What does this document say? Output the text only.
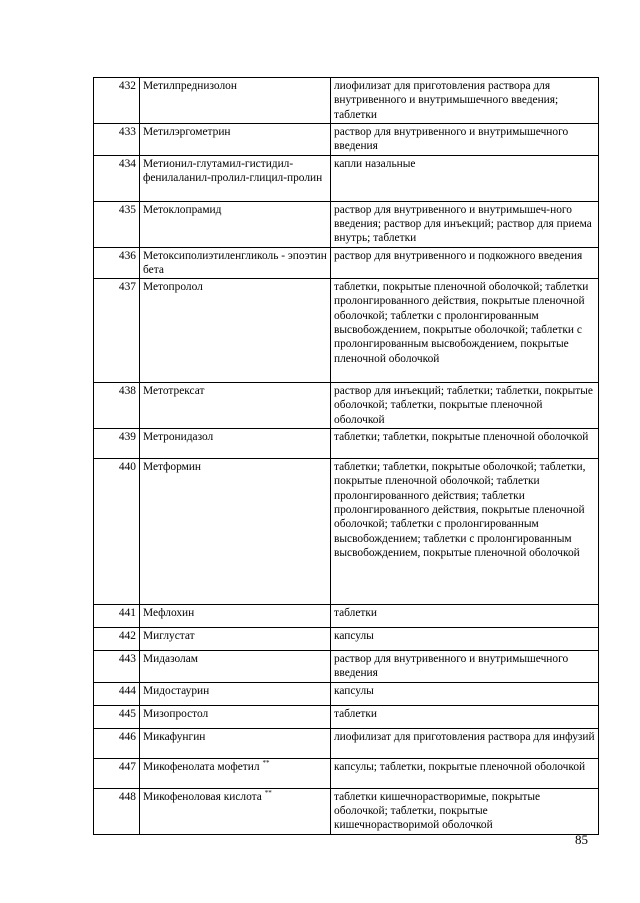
432	Метилпреднизолон	лиофилизат для приготовления раствора для внутривенного и внутримышечного введения; таблетки
433	Метилэргометрин	раствор для внутривенного и внутримышечного введения
434	Метионил-глутамил-гистидил-фенилаланил-пролил-глицил-пролин	капли назальные
435	Метоклопрамид	раствор для внутривенного и внутримышеч-ного введения; раствор для инъекций; раствор для приема внутрь; таблетки
436	Метоксиполиэтиленгликоль - эпоэтин бета	раствор для внутривенного и подкожного введения
437	Метопролол	таблетки, покрытые пленочной оболочкой; таблетки пролонгированного действия, покрытые пленочной оболочкой; таблетки с пролонгированным высвобождением, покрытые оболочкой; таблетки с пролонгированным высвобождением, покрытые пленочной оболочкой
438	Метотрексат	раствор для инъекций; таблетки; таблетки, покрытые оболочкой; таблетки, покрытые пленочной оболочкой
439	Метронидазол	таблетки; таблетки, покрытые пленочной оболочкой
440	Метформин	таблетки; таблетки, покрытые оболочкой; таблетки, покрытые пленочной оболочкой; таблетки пролонгированного действия; таблетки пролонгированного действия, покрытые пленочной оболочкой; таблетки с пролонгированным высвобождением; таблетки с пролонгированным высвобождением, покрытые пленочной оболочкой
441	Мефлохин	таблетки
442	Миглустат	капсулы
443	Мидазолам	раствор для внутривенного и внутримышечного введения
444	Мидостаурин	капсулы
445	Мизопростол	таблетки
446	Микафунгин	лиофилизат для приготовления раствора для инфузий
447	Микофенолата мофетил **	капсулы; таблетки, покрытые пленочной оболочкой
448	Микофеноловая кислота **	таблетки кишечнорастворимые, покрытые оболочкой; таблетки, покрытые кишечнорастворимой оболочкой
85
